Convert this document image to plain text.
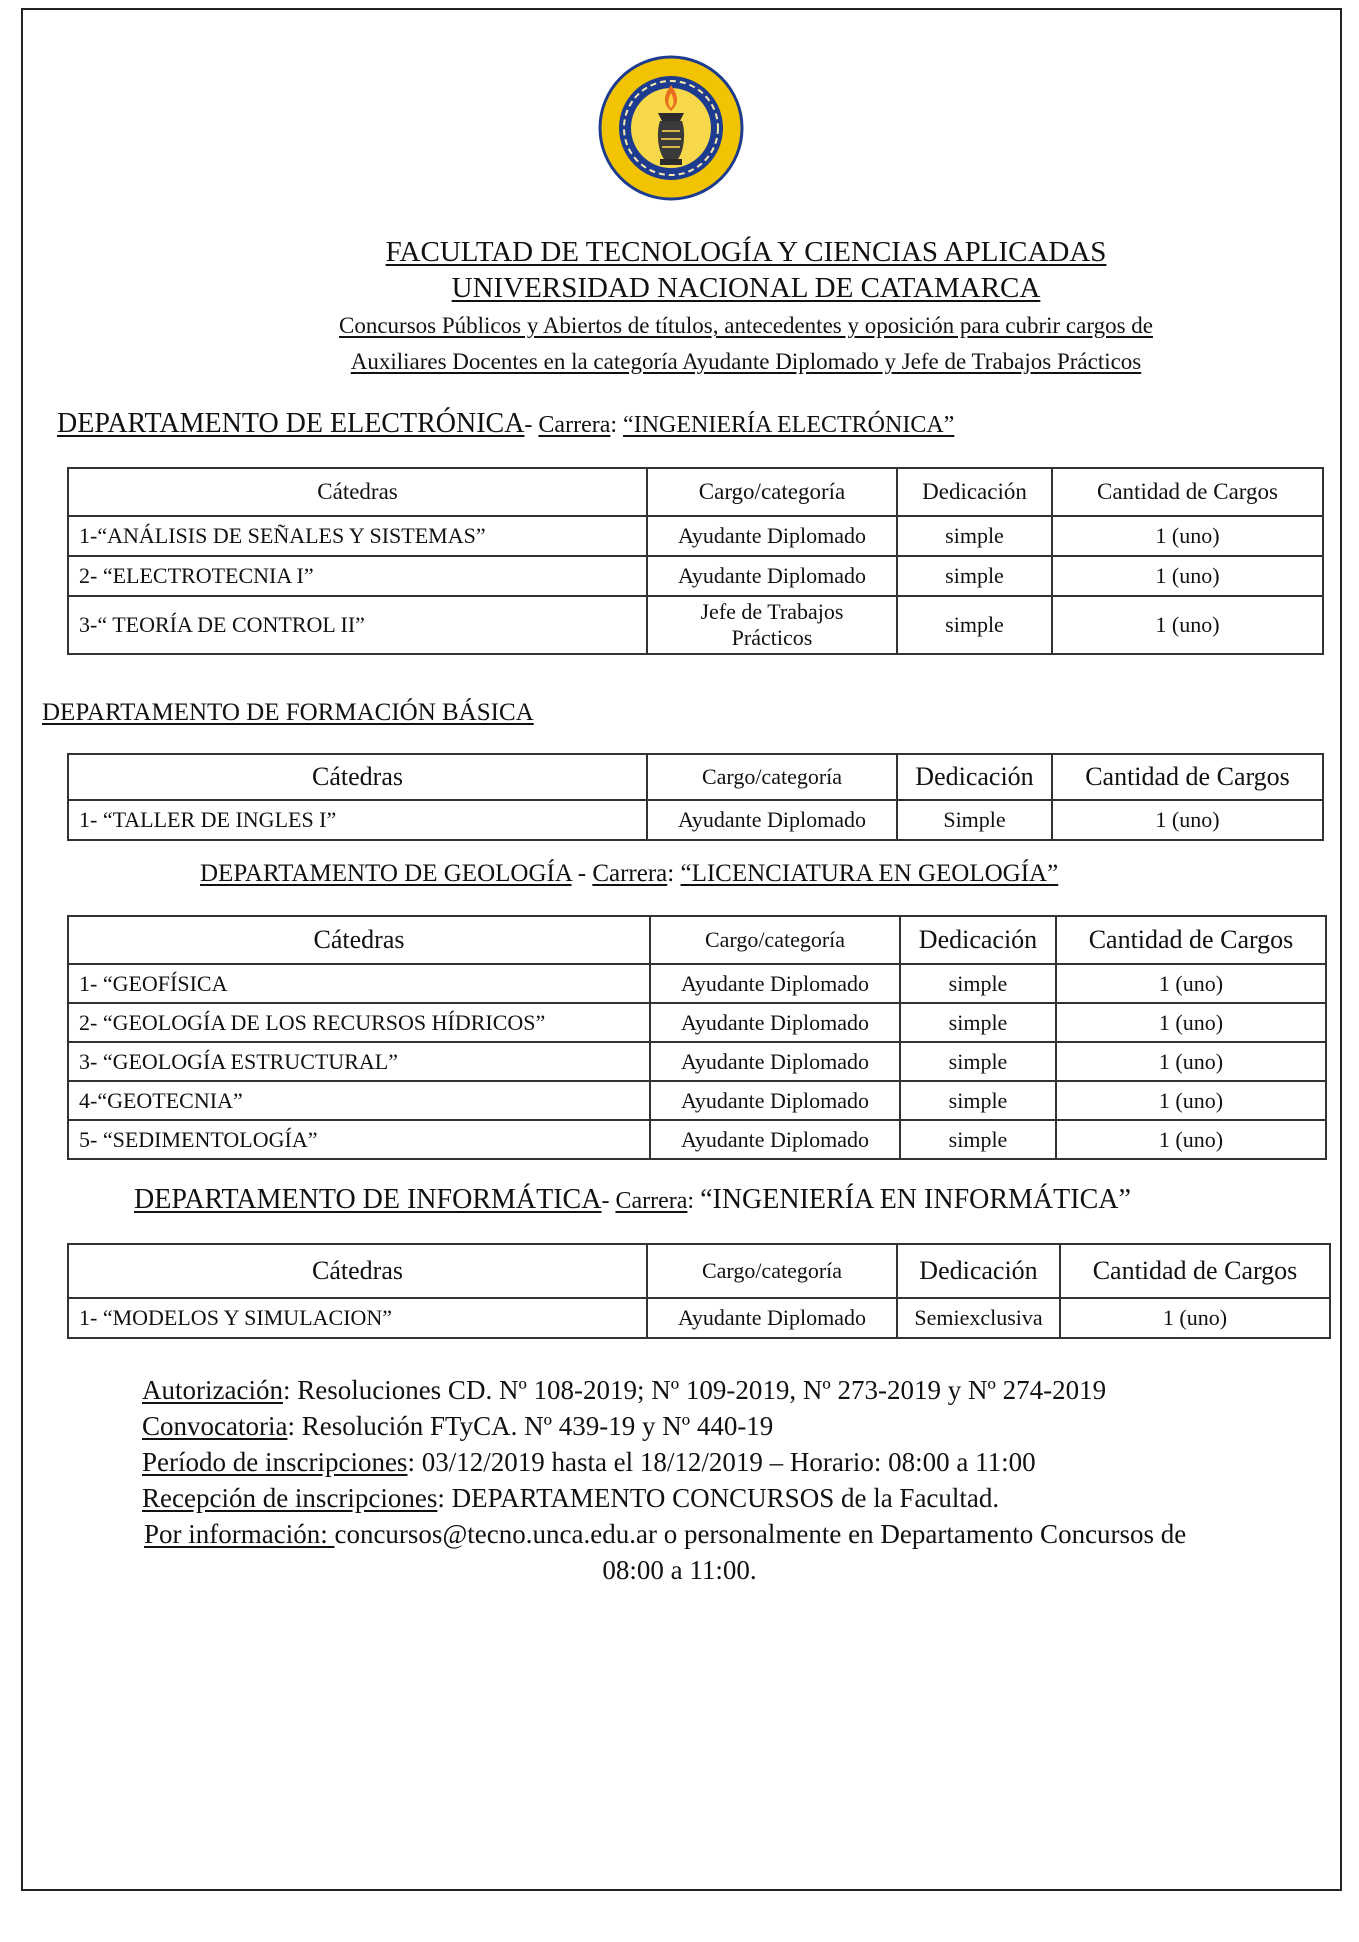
FACULTAD DE TECNOLOGÍA Y CIENCIAS APLICADAS
UNIVERSIDAD NACIONAL DE CATAMARCA
Concursos Públicos y Abiertos de títulos, antecedentes y oposición para cubrir cargos de
Auxiliares Docentes en la categoría Ayudante Diplomado y Jefe de Trabajos Prácticos
DEPARTAMENTO DE ELECTRÓNICA- Carrera: “INGENIERÍA ELECTRÓNICA”
Cátedras	Cargo/categoría	Dedicación	Cantidad de Cargos
1-“ANÁLISIS DE SEÑALES Y SISTEMAS”	Ayudante Diplomado	simple	1 (uno)
2- “ELECTROTECNIA I”	Ayudante Diplomado	simple	1 (uno)
3-“ TEORÍA DE CONTROL II”	Jefe de Trabajos Prácticos	simple	1 (uno)
DEPARTAMENTO DE FORMACIÓN BÁSICA
Cátedras	Cargo/categoría	Dedicación	Cantidad de Cargos
1- “TALLER DE INGLES I”	Ayudante Diplomado	Simple	1 (uno)
DEPARTAMENTO DE GEOLOGÍA - Carrera: “LICENCIATURA EN GEOLOGÍA”
Cátedras	Cargo/categoría	Dedicación	Cantidad de Cargos
1- “GEOFÍSICA	Ayudante Diplomado	simple	1 (uno)
2- “GEOLOGÍA DE LOS RECURSOS HÍDRICOS”	Ayudante Diplomado	simple	1 (uno)
3- “GEOLOGÍA ESTRUCTURAL”	Ayudante Diplomado	simple	1 (uno)
4-“GEOTECNIA”	Ayudante Diplomado	simple	1 (uno)
5- “SEDIMENTOLOGÍA”	Ayudante Diplomado	simple	1 (uno)
DEPARTAMENTO DE INFORMÁTICA- Carrera: “INGENIERÍA EN INFORMÁTICA”
Cátedras	Cargo/categoría	Dedicación	Cantidad de Cargos
1- “MODELOS Y SIMULACION”	Ayudante Diplomado	Semiexclusiva	1 (uno)
Autorización: Resoluciones CD. Nº 108-2019; Nº 109-2019, Nº 273-2019 y Nº 274-2019
Convocatoria: Resolución FTyCA. Nº 439-19 y Nº 440-19
Período de inscripciones: 03/12/2019 hasta el 18/12/2019 – Horario: 08:00 a 11:00
Recepción de inscripciones: DEPARTAMENTO CONCURSOS de la Facultad.
Por información: concursos@tecno.unca.edu.ar o personalmente en Departamento Concursos de
08:00 a 11:00.
